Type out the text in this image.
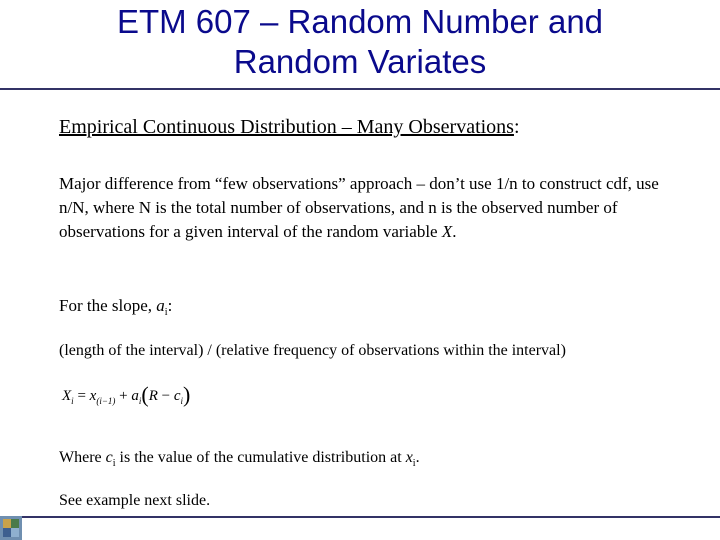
ETM 607 – Random Number and
Random Variates
Empirical Continuous Distribution – Many Observations:
Major difference from “few observations” approach – don’t use 1/n to construct cdf, use n/N, where N is the total number of observations, and n is the observed number of observations for a given interval of the random variable X.
For the slope, $a_i$:
(length of the interval) / (relative frequency of observations within the interval)
$X_i = x_{(i-1)} + a_i(R - c_i)$
Where $c_i$ is the value of the cumulative distribution at $x_i$.
See example next slide.
